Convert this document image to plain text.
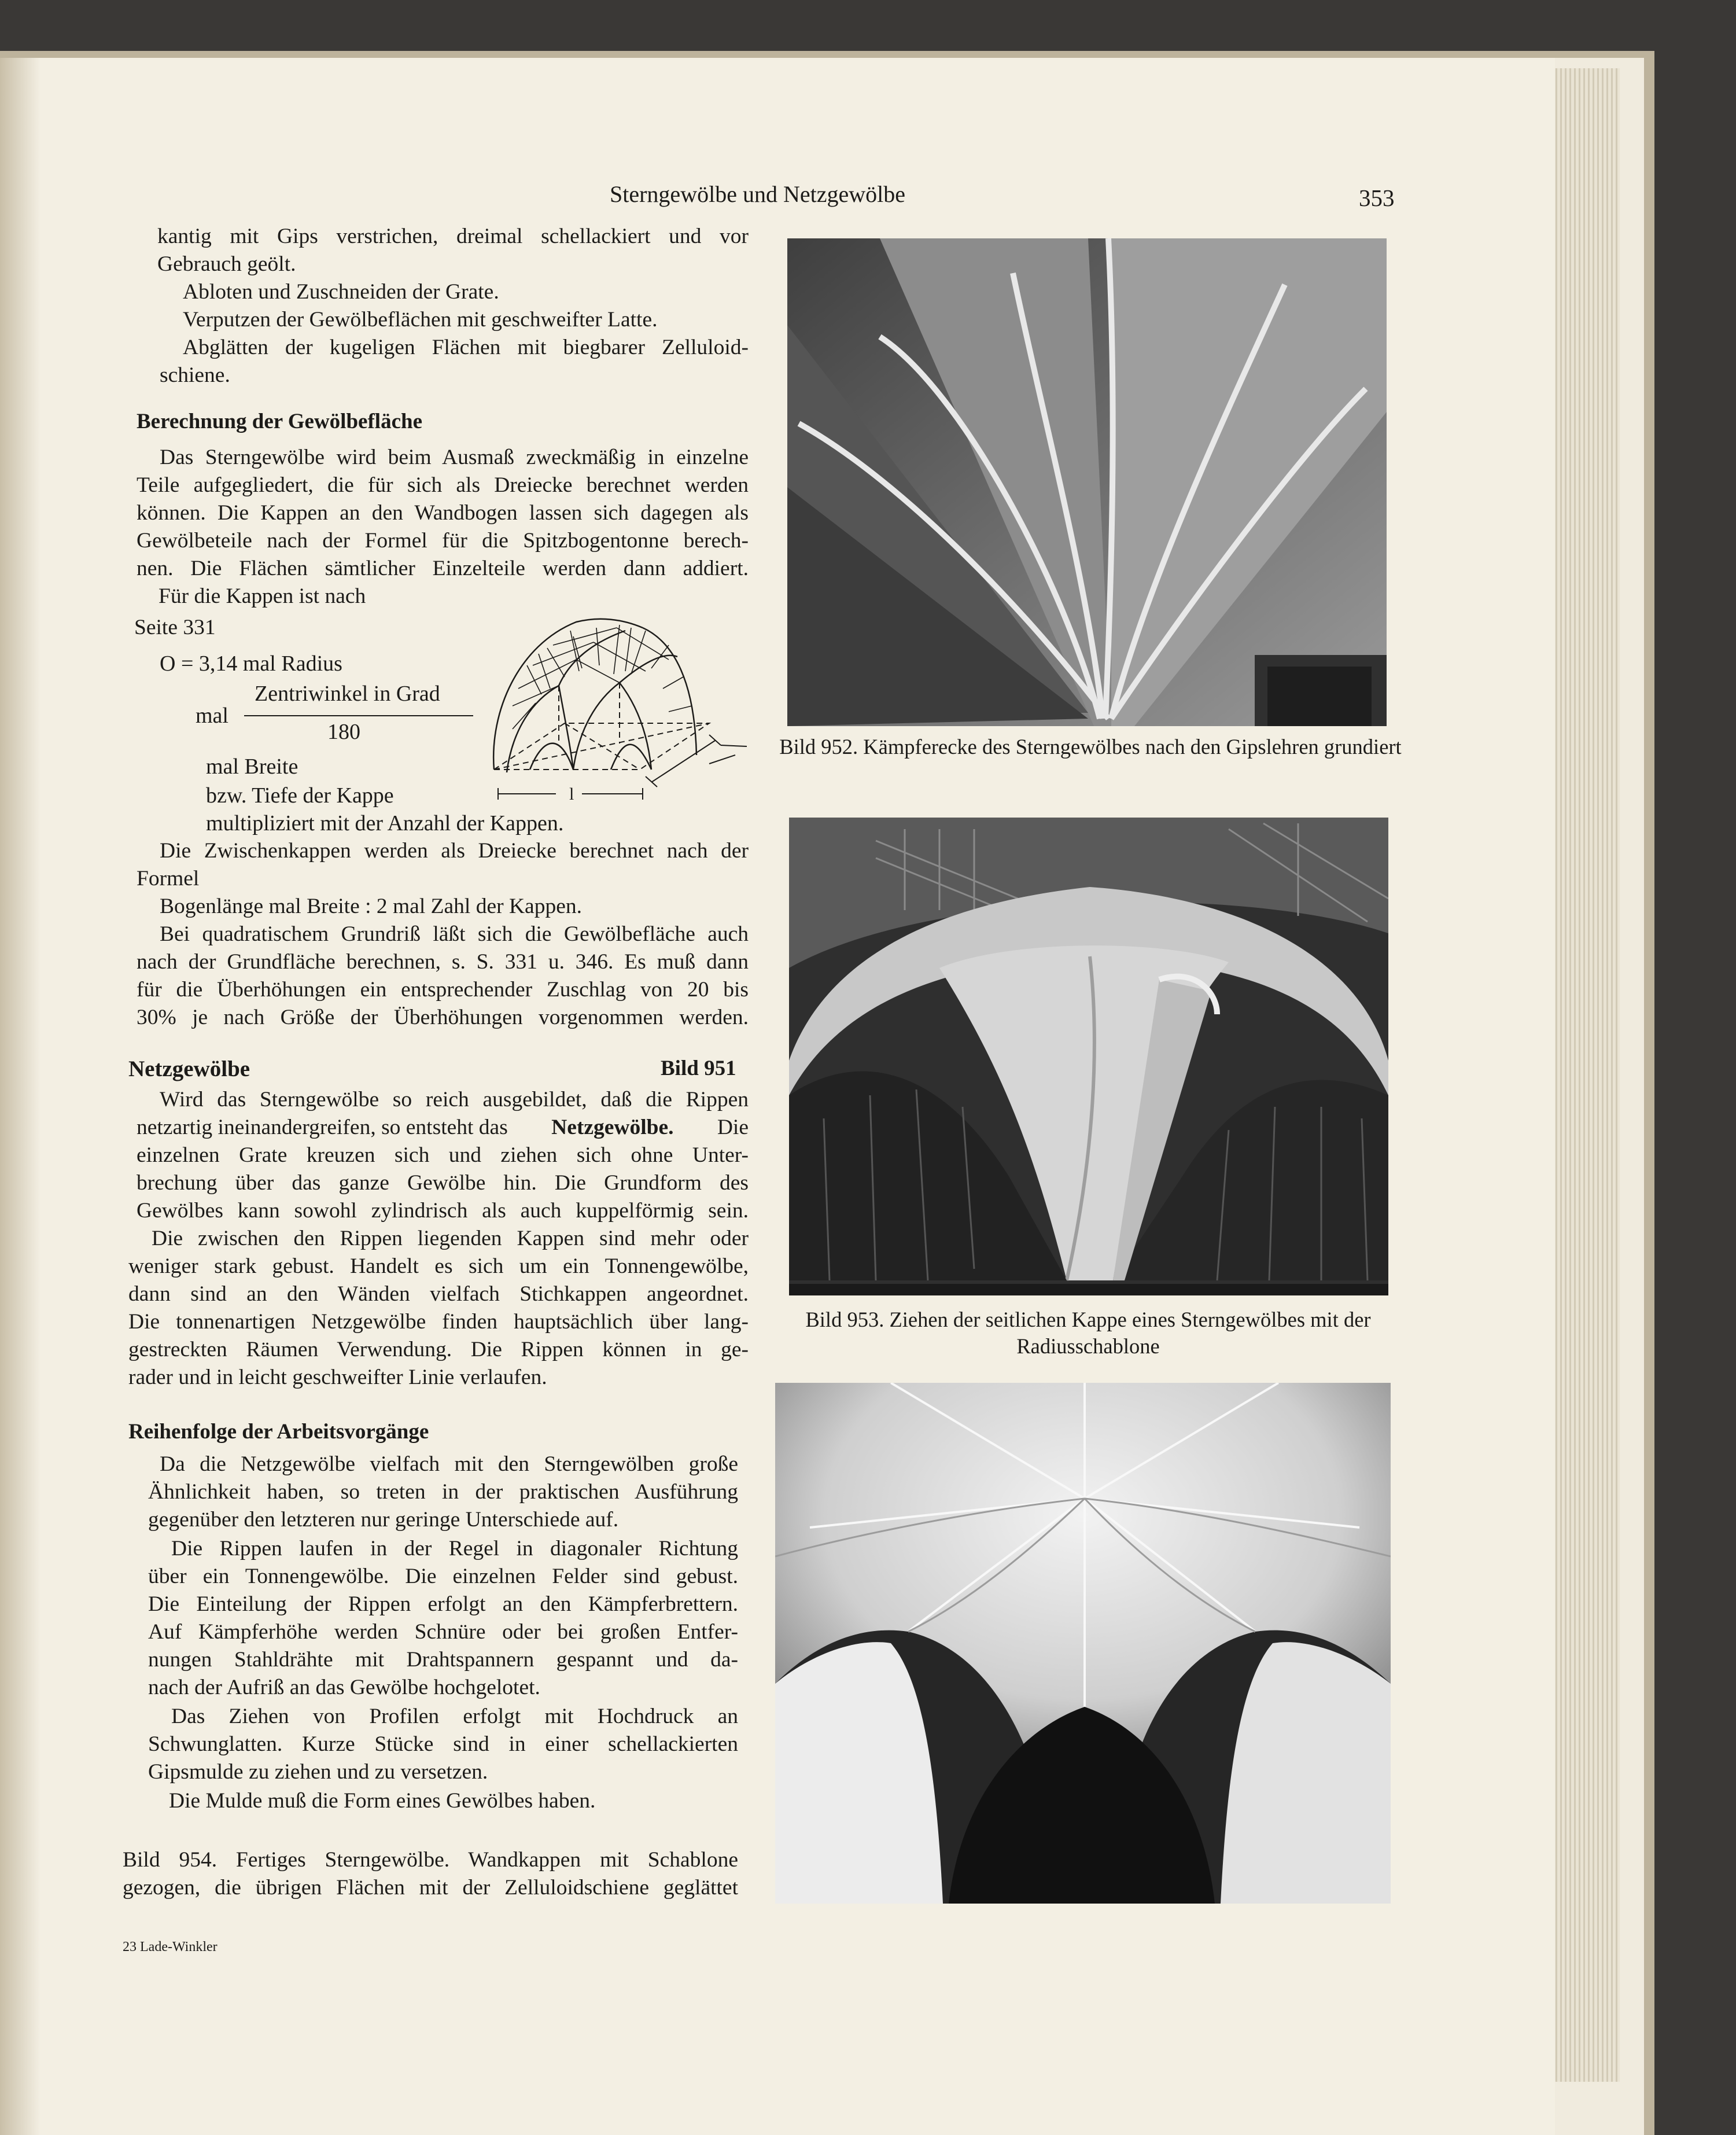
Sterngewölbe und Netzgewölbe	353
kantig mit Gips verstrichen, dreimal schellackiert und vor
Gebrauch geölt.
Abloten und Zuschneiden der Grate.
Verputzen der Gewölbeflächen mit geschweifter Latte.
Abglätten der kugeligen Flächen mit biegbarer Zelluloid-
schiene.
Berechnung der Gewölbefläche
Das Sterngewölbe wird beim Ausmaß zweckmäßig in einzelne
Teile aufgegliedert, die für sich als Dreiecke berechnet werden
können. Die Kappen an den Wandbogen lassen sich dagegen als
Gewölbeteile nach der Formel für die Spitzbogentonne berech-
nen. Die Flächen sämtlicher Einzelteile werden dann addiert.
Für die Kappen ist nach
Seite 331
O = 3,14 mal Radius
Zentriwinkel in Grad
mal
180
mal Breite
bzw. Tiefe der Kappe
multipliziert mit der Anzahl der Kappen.
l
Die Zwischenkappen werden als Dreiecke berechnet nach der
Formel
Bogenlänge mal Breite : 2 mal Zahl der Kappen.
Bei quadratischem Grundriß läßt sich die Gewölbefläche auch
nach der Grundfläche berechnen, s. S. 331 u. 346. Es muß dann
für die Überhöhungen ein entsprechender Zuschlag von 20 bis
30% je nach Größe der Überhöhungen vorgenommen werden.
Netzgewölbe	Bild 951
Wird das Sterngewölbe so reich ausgebildet, daß die Rippen
netzartig ineinandergreifen, so entsteht das Netzgewölbe. Die
einzelnen Grate kreuzen sich und ziehen sich ohne Unter-
brechung über das ganze Gewölbe hin. Die Grundform des
Gewölbes kann sowohl zylindrisch als auch kuppelförmig sein.
Die zwischen den Rippen liegenden Kappen sind mehr oder
weniger stark gebust. Handelt es sich um ein Tonnengewölbe,
dann sind an den Wänden vielfach Stichkappen angeordnet.
Die tonnenartigen Netzgewölbe finden hauptsächlich über lang-
gestreckten Räumen Verwendung. Die Rippen können in ge-
rader und in leicht geschweifter Linie verlaufen.
Reihenfolge der Arbeitsvorgänge
Da die Netzgewölbe vielfach mit den Sterngewölben große
Ähnlichkeit haben, so treten in der praktischen Ausführung
gegenüber den letzteren nur geringe Unterschiede auf.
Die Rippen laufen in der Regel in diagonaler Richtung
über ein Tonnengewölbe. Die einzelnen Felder sind gebust.
Die Einteilung der Rippen erfolgt an den Kämpferbrettern.
Auf Kämpferhöhe werden Schnüre oder bei großen Entfer-
nungen Stahldrähte mit Drahtspannern gespannt und da-
nach der Aufriß an das Gewölbe hochgelotet.
Das Ziehen von Profilen erfolgt mit Hochdruck an
Schwunglatten. Kurze Stücke sind in einer schellackierten
Gipsmulde zu ziehen und zu versetzen.
Die Mulde muß die Form eines Gewölbes haben.
Bild 954. Fertiges Sterngewölbe. Wandkappen mit Schablone
gezogen, die übrigen Flächen mit der Zelluloidschiene geglättet
23 Lade-Winkler
Bild 952. Kämpferecke des Sterngewölbes nach den Gipslehren grundiert
Bild 953. Ziehen der seitlichen Kappe eines Sterngewölbes mit der Radiusschablone
